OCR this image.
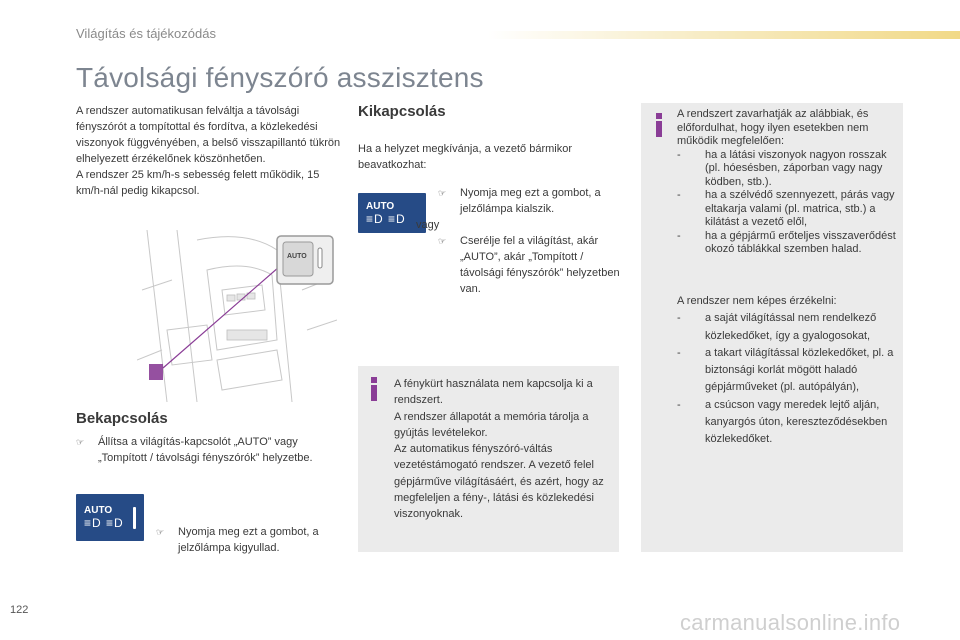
Világítás és tájékozódás
Távolsági fényszóró asszisztens

A rendszer automatikusan felváltja a távolsági fényszórót a tompítottal és fordítva, a közlekedési viszonyok függvényében, a belső visszapillantó tükrön elhelyezett érzékelőnek köszönhetően.

A rendszer 25 km/h-s sebesség felett működik, 15 km/h-nál pedig kikapcsol.

AUTO
Bekapcsolás
☞ Állítsa a világítás-kapcsolót „AUTO” vagy „Tompított / távolsági fényszórók” helyzetbe.
AUTO
≡D ≡D
☞ Nyomja meg ezt a gombot, a jelzőlámpa kigyullad.
Kikapcsolás
Ha a helyzet megkívánja, a vezető bármikor beavatkozhat:
AUTO
≡D ≡D
☞ Nyomja meg ezt a gombot, a jelzőlámpa kialszik.
vagy
☞ Cserélje fel a világítást, akár „AUTO”, akár „Tompított / távolsági fényszórók” helyzetben van.
A fénykürt használata nem kapcsolja ki a rendszert.
A rendszer állapotát a memória tárolja a gyújtás levételekor.
Az automatikus fényszóró-váltás vezetéstámogató rendszer. A vezető felel gépjárműve világításáért, és azért, hogy az megfeleljen a fény-, látási és közlekedési viszonyoknak.
A rendszert zavarhatják az alábbiak, és előfordulhat, hogy ilyen esetekben nem működik megfelelően:
- ha a látási viszonyok nagyon rosszak (pl. hóesésben, záporban vagy nagy ködben, stb.).
- ha a szélvédő szennyezett, párás vagy eltakarja valami (pl. matrica, stb.) a kilátást a vezető elől,
- ha a gépjármű erőteljes visszaverődést okozó táblákkal szemben halad.
A rendszer nem képes érzékelni:
- a saját világítással nem rendelkező közlekedőket, így a gyalogosokat,
- a takart világítással közlekedőket, pl. a biztonsági korlát mögött haladó gépjárműveket (pl. autópályán),
- a csúcson vagy meredek lejtő alján, kanyargós úton, kereszteződésekben közlekedőket.
122	carmanualsonline.info
